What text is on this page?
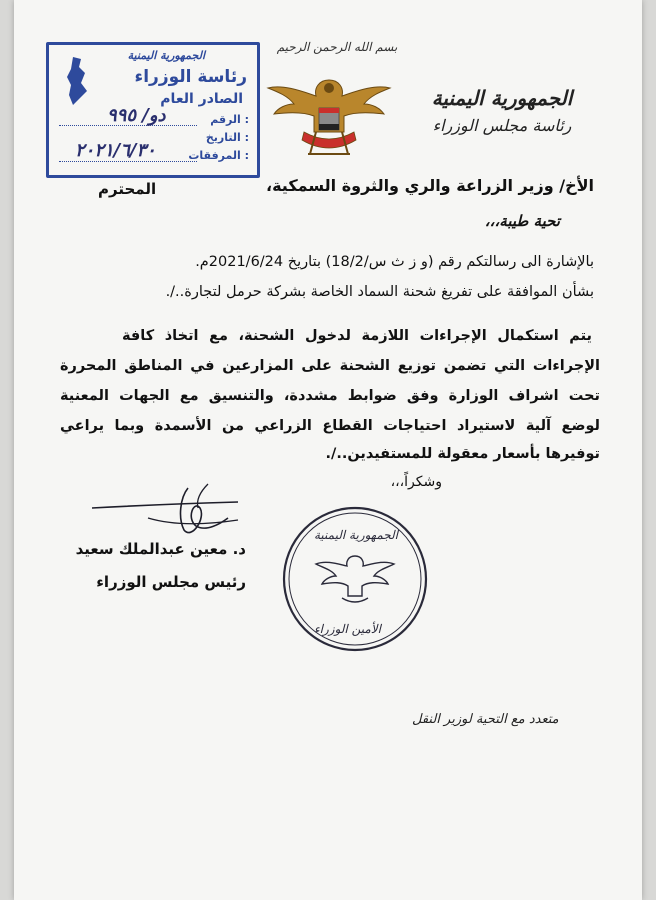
الجمهورية اليمنية
رئاسة الوزراء
الصادر العام
الرقم :
دو/ ٩٩٥
التاريخ :
المرفقات :
٢٠٢١/٦/٣٠
بسم الله الرحمن الرحيم
الجمهورية اليمنية
رئاسة مجلس الوزراء
الأخ/ وزير الزراعة والري والثروة السمكية،
المحترم
تحية طيبة،،،
بالإشارة الى رسالتكم رقم (و ز ث س/18/2) بتاريخ 2021/6/24م.
بشأن الموافقة على تفريغ شحنة السماد الخاصة بشركة حرمل لتجارة../.
يتم استكمال الإجراءات اللازمة لدخول الشحنة، مع اتخاذ كافة
الإجراءات التي تضمن توزيع الشحنة على المزارعين في المناطق المحررة
تحت اشراف الوزارة وفق ضوابط مشددة، والتنسيق مع الجهات المعنية
لوضع آلية لاستيراد احتياجات القطاع الزراعي من الأسمدة وبما يراعي
توفيرها بأسعار معقولة للمستفيدين../.
وشكراً،،،
د. معين عبدالملك سعيد
رئيس مجلس الوزراء
الجمهورية اليمنية
الأمين الوزراء
متعدد مع التحية لوزير النقل
